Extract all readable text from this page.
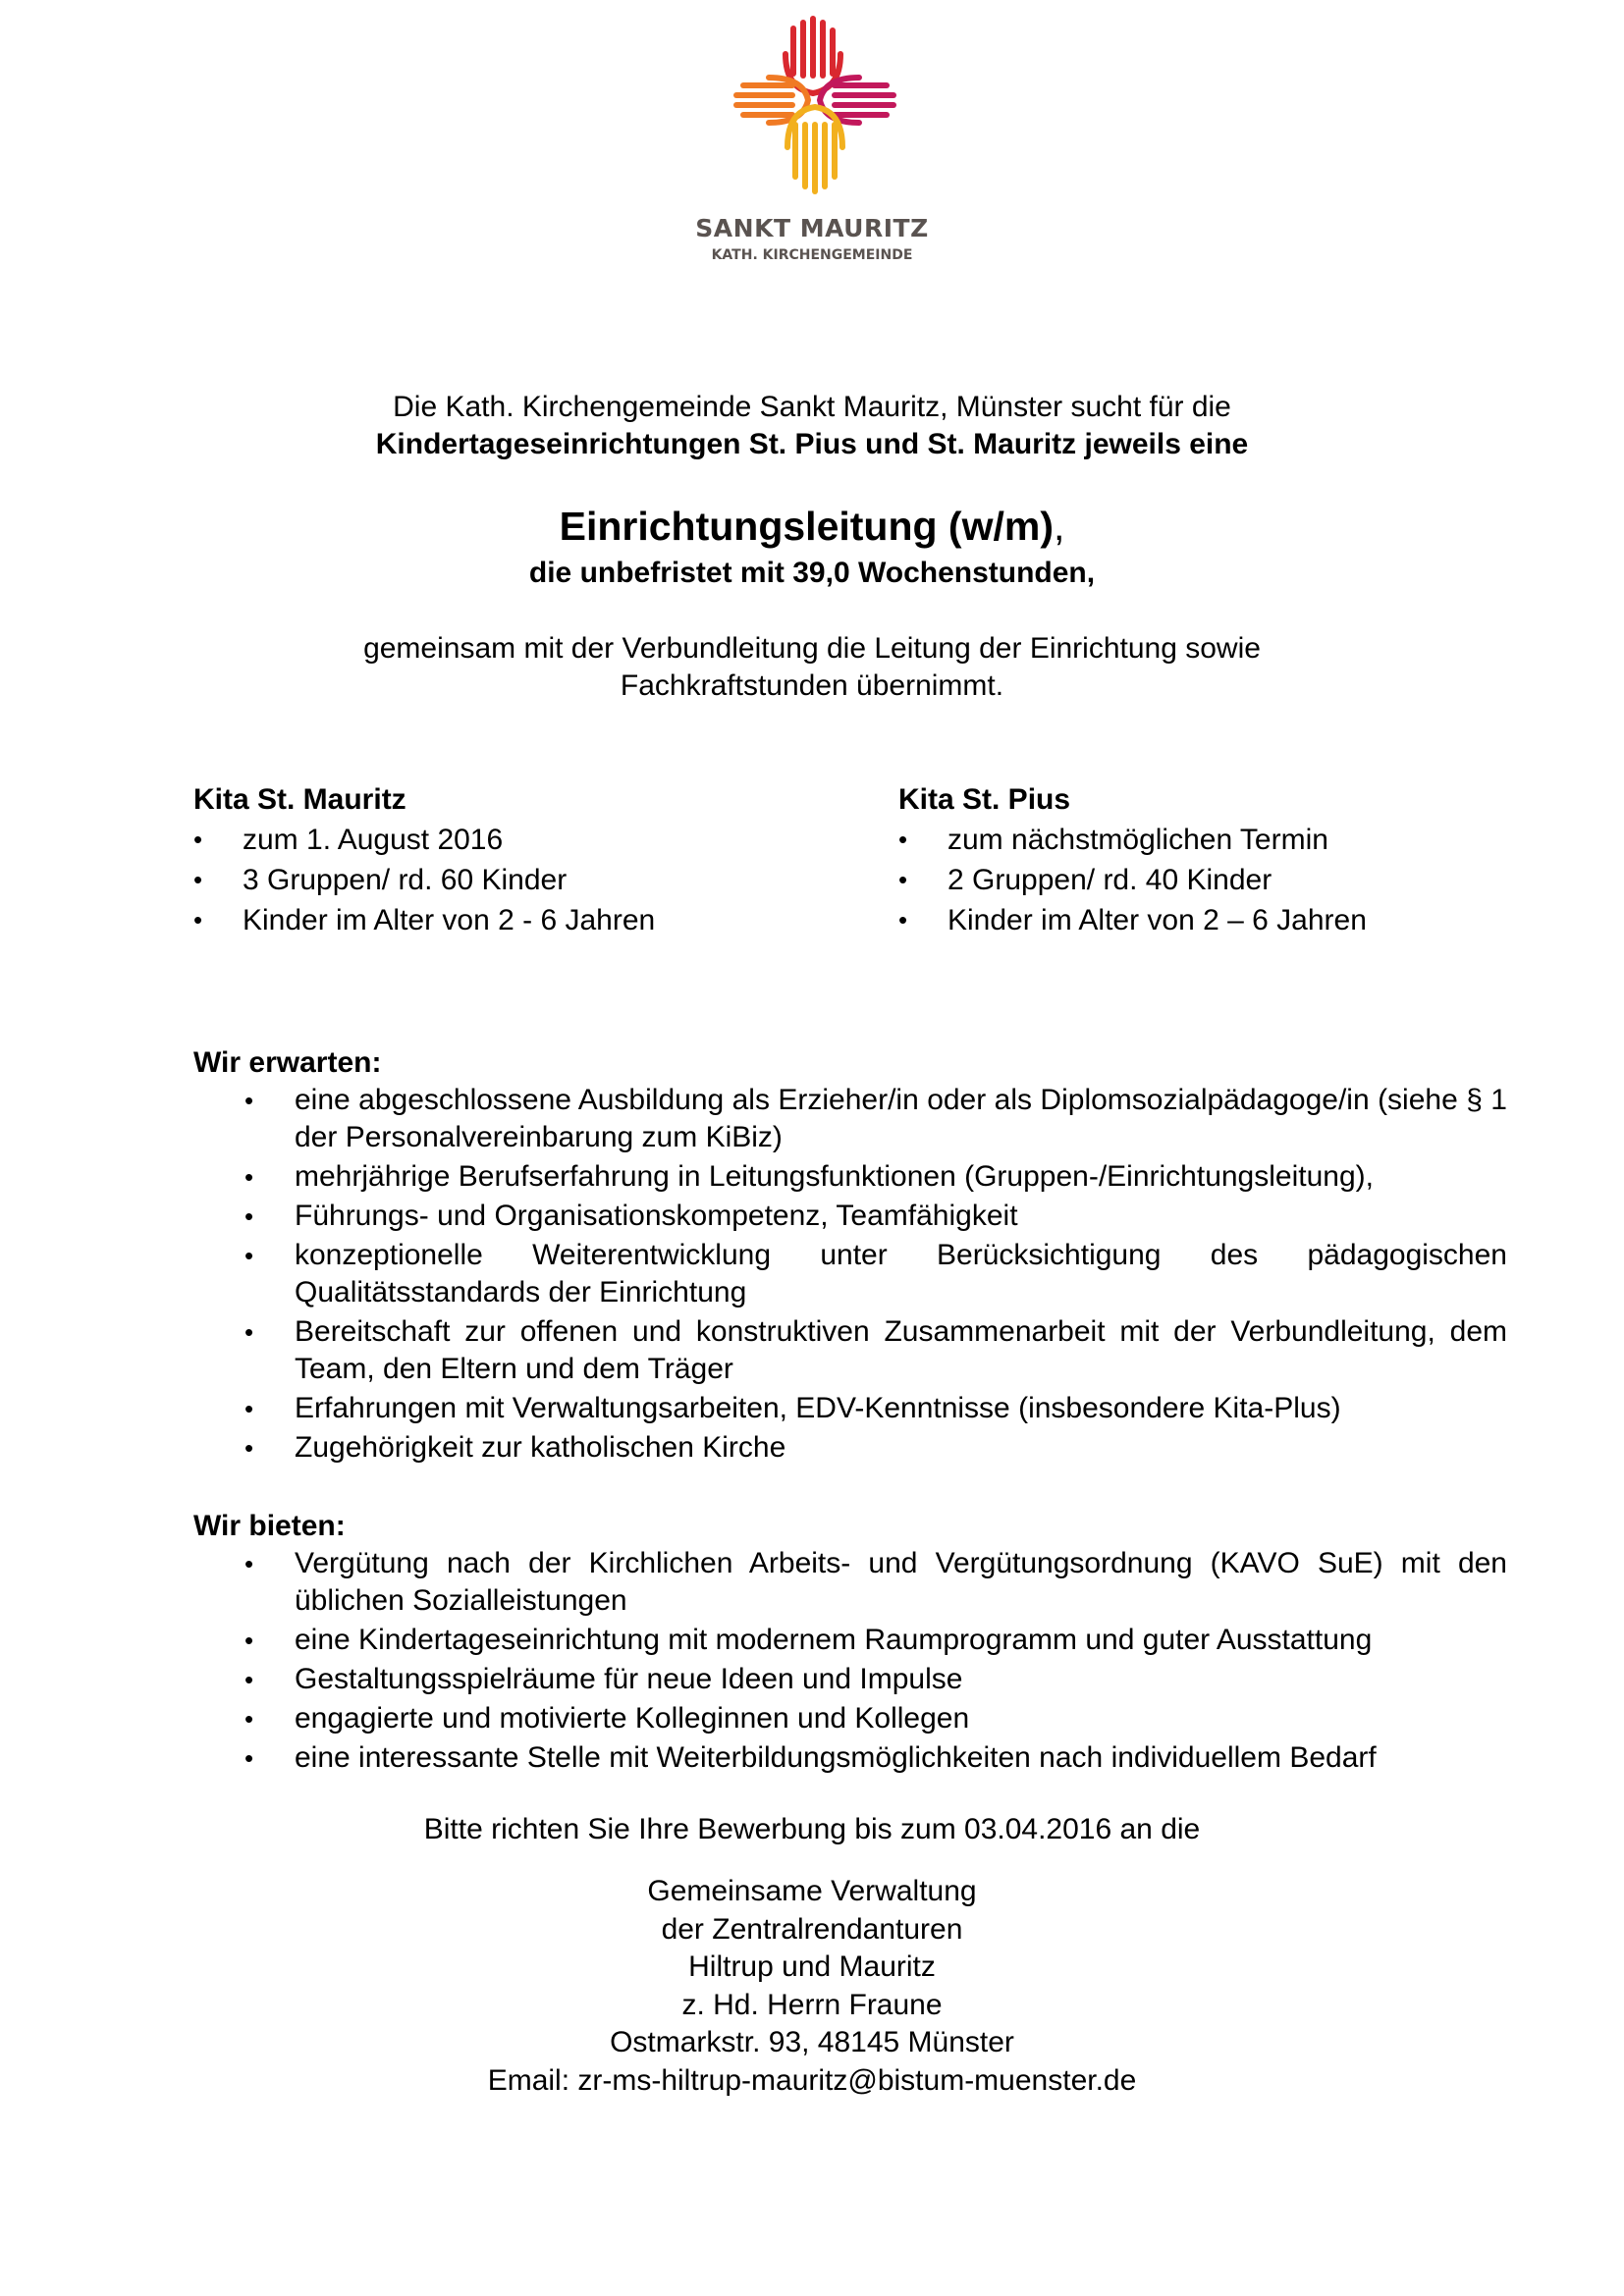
SANKT MAURITZ
KATH. KIRCHENGEMEINDE
Die Kath. Kirchengemeinde Sankt Mauritz, Münster sucht für die
Kindertageseinrichtungen St. Pius und St. Mauritz jeweils eine
Einrichtungsleitung (w/m),
die unbefristet mit 39,0 Wochenstunden,
gemeinsam mit der Verbundleitung die Leitung der Einrichtung sowie
Fachkraftstunden übernimmt.
Kita St. Mauritz
• zum 1. August 2016
• 3 Gruppen/ rd. 60 Kinder
• Kinder im Alter von 2 - 6 Jahren
Kita St. Pius
• zum nächstmöglichen Termin
• 2 Gruppen/ rd. 40 Kinder
• Kinder im Alter von 2 – 6 Jahren
Wir erwarten:
• eine abgeschlossene Ausbildung als Erzieher/in oder als Diplomsozialpädagoge/in (siehe § 1 der Personalvereinbarung zum KiBiz)
• mehrjährige Berufserfahrung in Leitungsfunktionen (Gruppen-/Einrichtungsleitung),
• Führungs- und Organisationskompetenz, Teamfähigkeit
• konzeptionelle Weiterentwicklung unter Berücksichtigung des pädagogischen Qualitätsstandards der Einrichtung
• Bereitschaft zur offenen und konstruktiven Zusammenarbeit mit der Verbundleitung, dem Team, den Eltern und dem Träger
• Erfahrungen mit Verwaltungsarbeiten, EDV-Kenntnisse (insbesondere Kita-Plus)
• Zugehörigkeit zur katholischen Kirche
Wir bieten:
• Vergütung nach der Kirchlichen Arbeits- und Vergütungsordnung (KAVO SuE) mit den üblichen Sozialleistungen
• eine Kindertageseinrichtung mit modernem Raumprogramm und guter Ausstattung
• Gestaltungsspielräume für neue Ideen und Impulse
• engagierte und motivierte Kolleginnen und Kollegen
• eine interessante Stelle mit Weiterbildungsmöglichkeiten nach individuellem Bedarf
Bitte richten Sie Ihre Bewerbung bis zum 03.04.2016 an die
Gemeinsame Verwaltung
der Zentralrendanturen
Hiltrup und Mauritz
z. Hd. Herrn Fraune
Ostmarkstr. 93, 48145 Münster
Email: zr-ms-hiltrup-mauritz@bistum-muenster.de
